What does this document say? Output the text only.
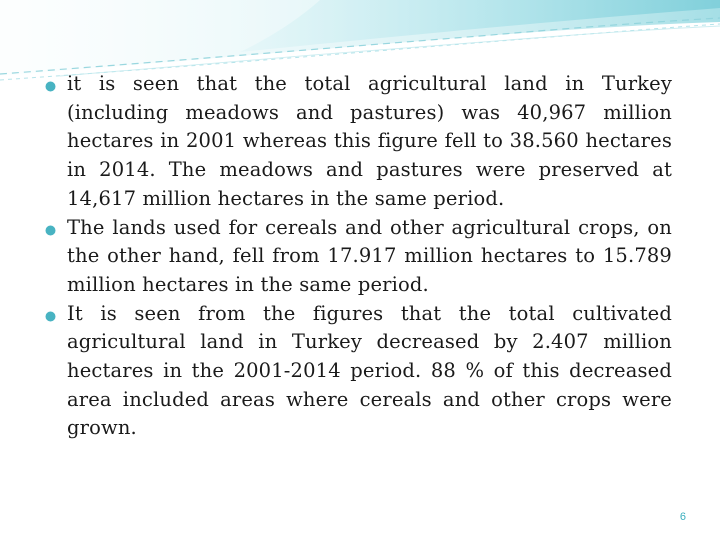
it is seen that the total agricultural land in Turkey (including meadows and pastures) was 40,967 million hectares in 2001 whereas this figure fell to 38.560 hectares in 2014. The meadows and pastures were preserved at 14,617 million hectares in the same period.
The lands used for cereals and other agricultural crops, on the other hand, fell from 17.917 million hectares to 15.789 million hectares in the same period.
It is seen from the figures that the total cultivated agricultural land in Turkey decreased by 2.407 million hectares in the 2001-2014 period. 88 % of this decreased area included areas where cereals and other crops were grown.
6
